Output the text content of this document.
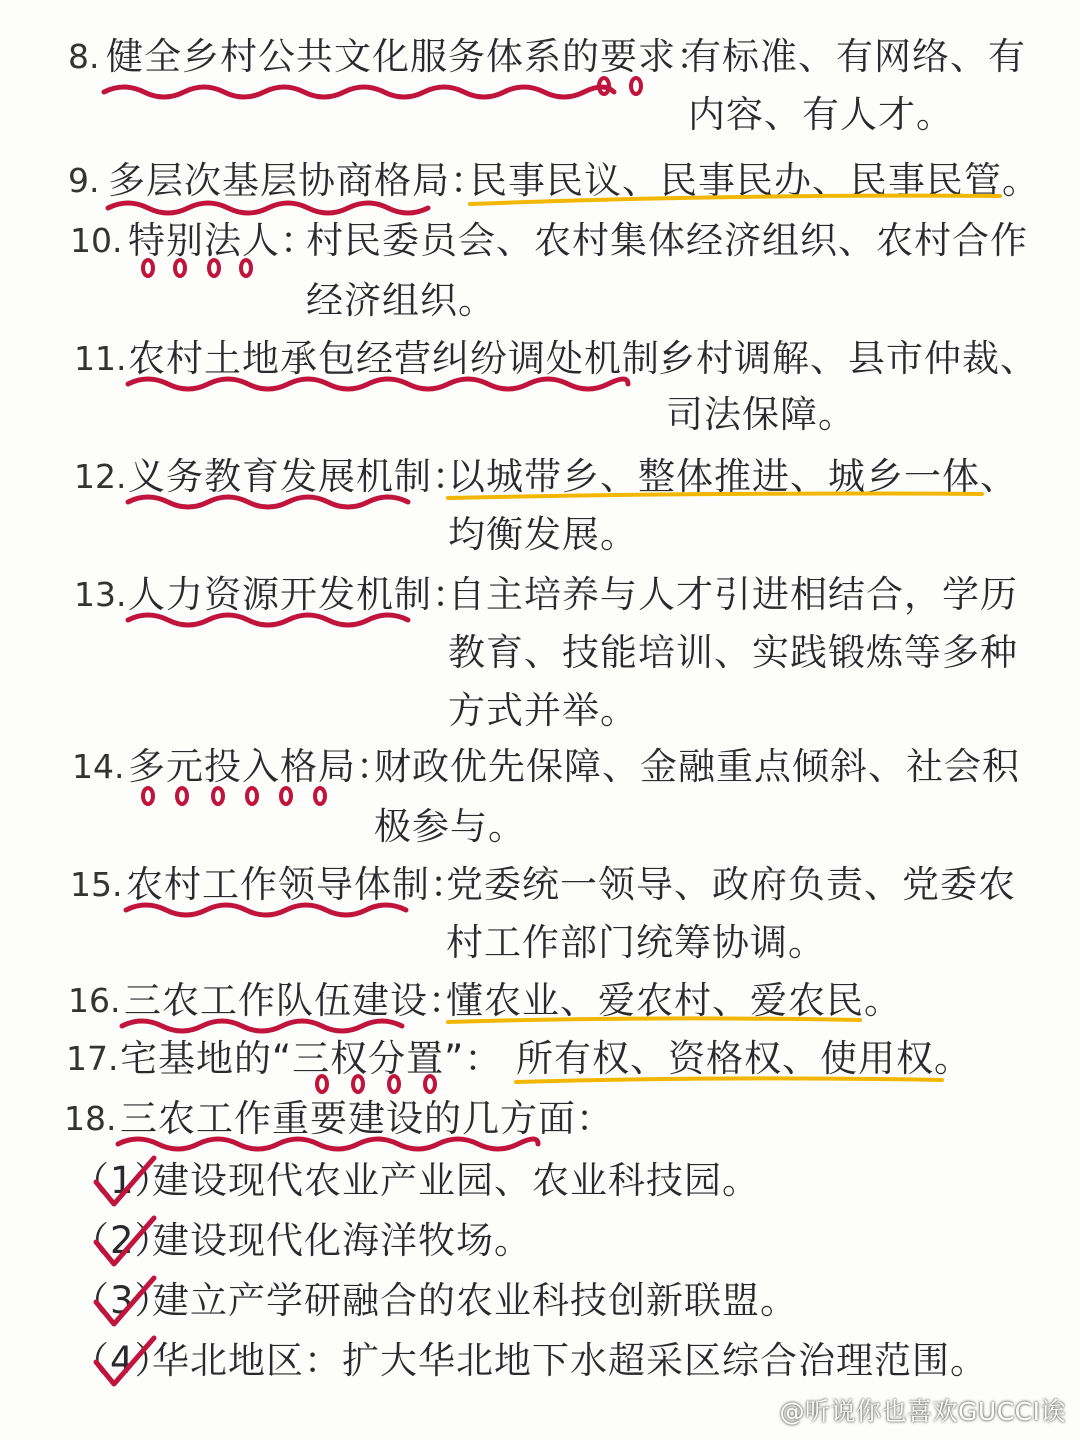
8. 健全乡村公共文化服务体系的要求：
有标准、有网络、有
内容、有人才。
9. 多层次基层协商格局：
民事民议、民事民办、民事民管。
10. 特别法人：
村民委员会、农村集体经济组织、农村合作
经济组织。
11. 农村土地承包经营纠纷调处机制：
乡村调解、县市仲裁、
司法保障。
12. 义务教育发展机制：
以城带乡、整体推进、城乡一体、
均衡发展。
13. 人力资源开发机制：
自主培养与人才引进相结合，学历
教育、技能培训、实践锻炼等多种
方式并举。
14. 多元投入格局：
财政优先保障、金融重点倾斜、社会积
极参与。
15. 农村工作领导体制：
党委统一领导、政府负责、党委农
村工作部门统筹协调。
16. 三农工作队伍建设：
懂农业、爱农村、爱农民。
17. 宅基地的“三权分置”： 所有权、资格权、使用权。
18. 三农工作重要建设的几方面：
（1）
建设现代农业产业园、农业科技园。
（2）
建设现代化海洋牧场。
（3）
建立产学研融合的农业科技创新联盟。
（4）
华北地区：扩大华北地下水超采区综合治理范围。
@听说你也喜欢GUCCI诶
